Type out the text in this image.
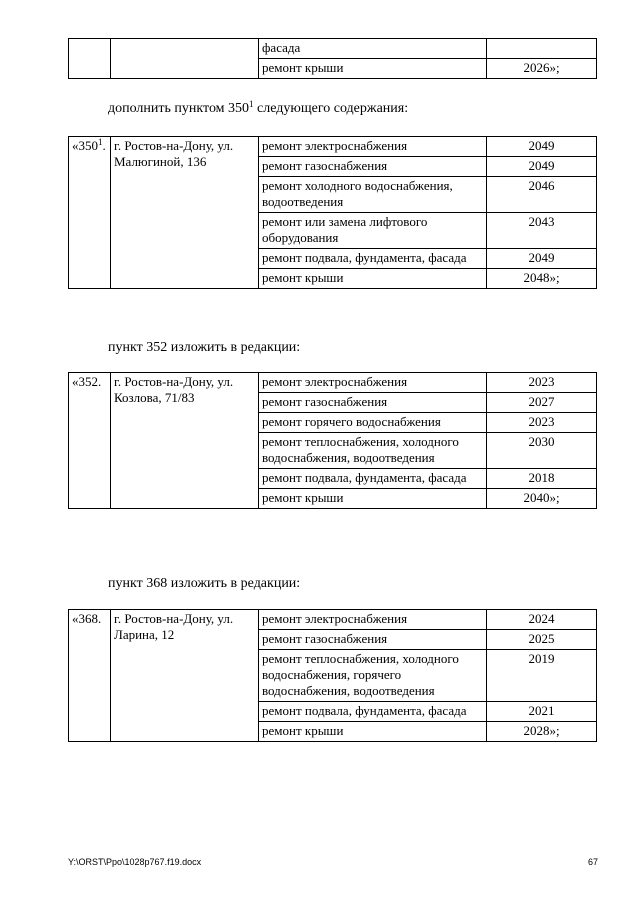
		фасада	
		ремонт крыши	2026»;
дополнить пунктом $350^1$ следующего содержания:
«$350^1$.	г. Ростов-на-Дону, ул. Малюгиной, 136	ремонт электроснабжения	2049
		ремонт газоснабжения	2049
		ремонт холодного водоснабжения, водоотведения	2046
		ремонт или замена лифтового оборудования	2043
		ремонт подвала, фундамента, фасада	2049
		ремонт крыши	2048»;
пункт 352 изложить в редакции:
«352.	г. Ростов-на-Дону, ул. Козлова, 71/83	ремонт электроснабжения	2023
		ремонт газоснабжения	2027
		ремонт горячего водоснабжения	2023
		ремонт теплоснабжения, холодного водоснабжения, водоотведения	2030
		ремонт подвала, фундамента, фасада	2018
		ремонт крыши	2040»;
пункт 368 изложить в редакции:
«368.	г. Ростов-на-Дону, ул. Ларина, 12	ремонт электроснабжения	2024
		ремонт газоснабжения	2025
		ремонт теплоснабжения, холодного водоснабжения, горячего водоснабжения, водоотведения	2019
		ремонт подвала, фундамента, фасада	2021
		ремонт крыши	2028»;
Y:\ORST\Ppo\1028p767.f19.docx	67
